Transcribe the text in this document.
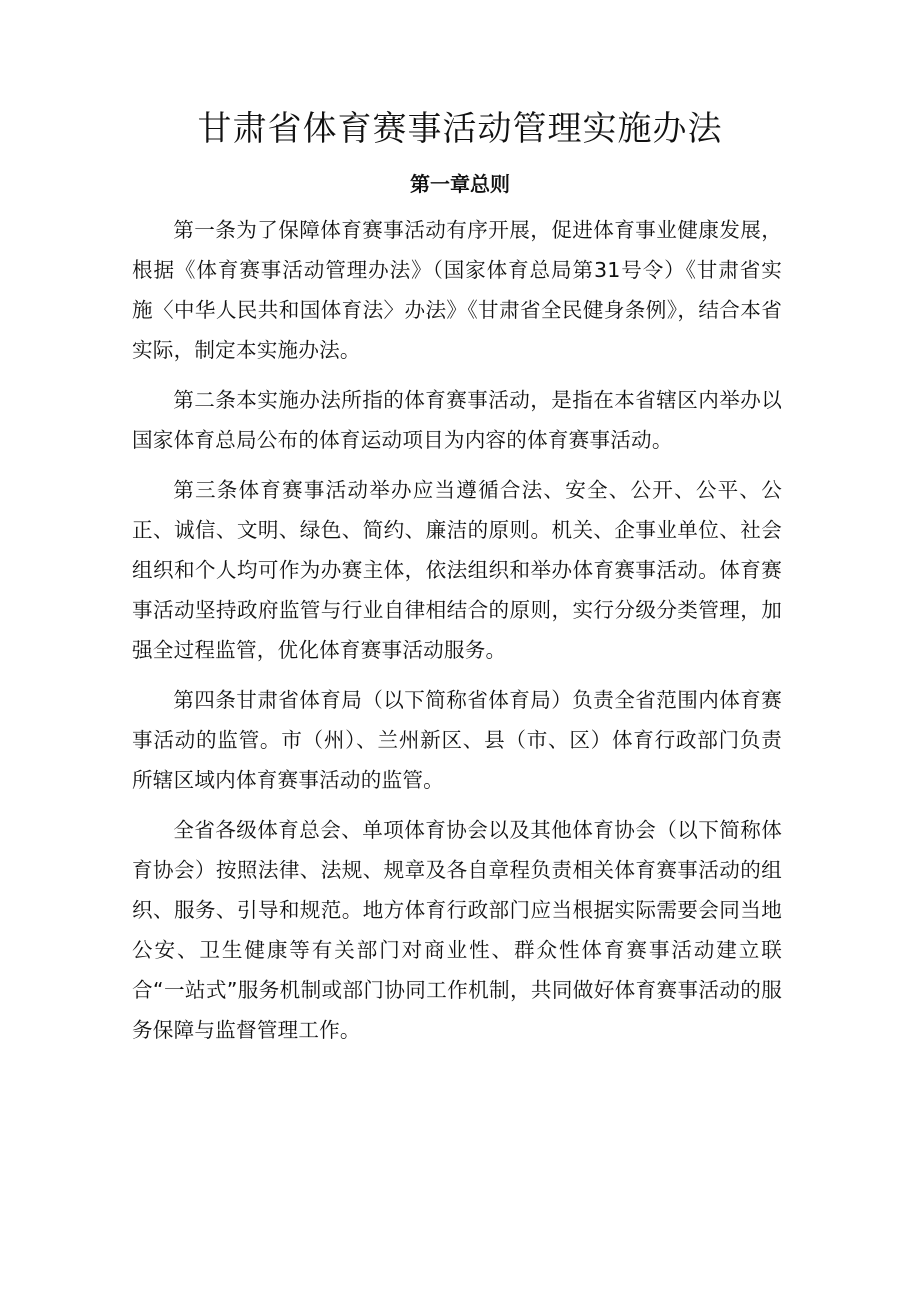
甘肃省体育赛事活动管理实施办法
第一章总则

第一条为了保障体育赛事活动有序开展，促进体育事业健康发展，根据《体育赛事活动管理办法》（国家体育总局第31号令）《甘肃省实施〈中华人民共和国体育法〉办法》《甘肃省全民健身条例》，结合本省实际，制定本实施办法。

第二条本实施办法所指的体育赛事活动，是指在本省辖区内举办以国家体育总局公布的体育运动项目为内容的体育赛事活动。

第三条体育赛事活动举办应当遵循合法、安全、公开、公平、公正、诚信、文明、绿色、简约、廉洁的原则。机关、企事业单位、社会组织和个人均可作为办赛主体，依法组织和举办体育赛事活动。体育赛事活动坚持政府监管与行业自律相结合的原则，实行分级分类管理，加强全过程监管，优化体育赛事活动服务。

第四条甘肃省体育局（以下简称省体育局）负责全省范围内体育赛事活动的监管。市（州）、兰州新区、县（市、区）体育行政部门负责所辖区域内体育赛事活动的监管。

全省各级体育总会、单项体育协会以及其他体育协会（以下简称体育协会）按照法律、法规、规章及各自章程负责相关体育赛事活动的组织、服务、引导和规范。地方体育行政部门应当根据实际需要会同当地公安、卫生健康等有关部门对商业性、群众性体育赛事活动建立联合“一站式”服务机制或部门协同工作机制，共同做好体育赛事活动的服务保障与监督管理工作。
